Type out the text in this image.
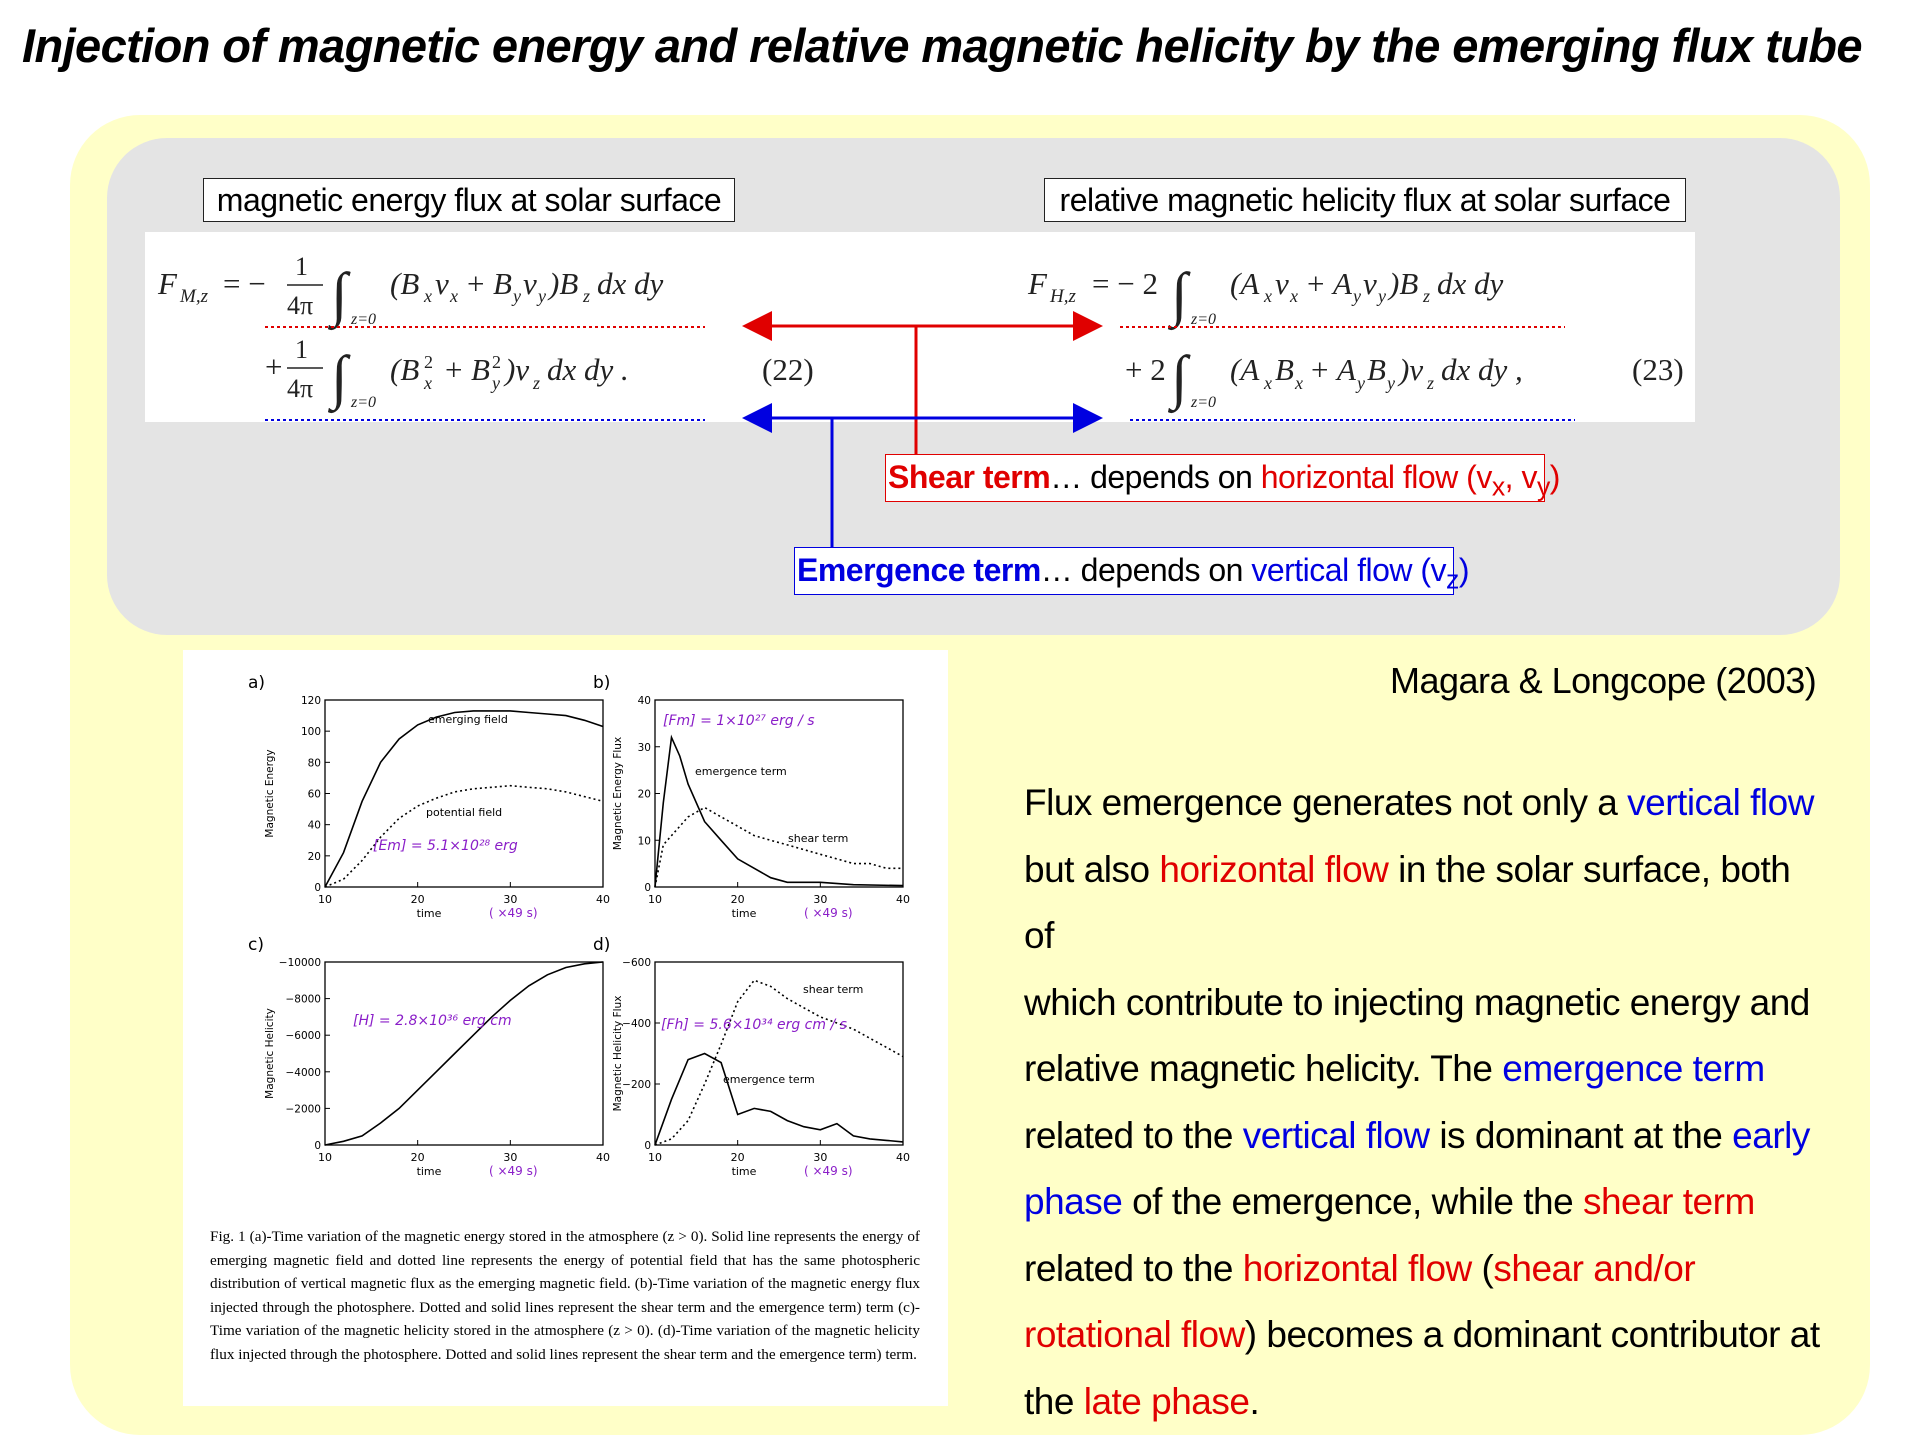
Injection of magnetic energy and relative magnetic helicity by the emerging flux tube
magnetic energy flux at solar surface	relative magnetic helicity flux at solar surface
F M,z = − 1
4π ∫ z=0
(B x v x + B y v y )B z dx dy
+ 1
4π ∫ z=0
(B x
2 + B y
2 )v z dx dy .	(22)
F H,z = − 2 ∫ z=0
(A x v x + A y v y )B z dx dy
+ 2 ∫ z=0
(A x B x + A y B y )v z dx dy ,	(23)
Shear term… depends on horizontal flow ($v_x$, $v_y$)
Emergence term… depends on vertical flow $(v_z)$
Magara & Longcope (2003)
a)
120
100
80
60
40
20
0
10	20	30	40
time	( ×49 s)
Magnetic Energy
emerging field
potential field
[Em] = 5.1×10²⁸ erg
b)
40
30
20
10
0
10	20	30	40
time	( ×49 s)
Magnetic Energy Flux	emergence term
shear term
[Fm] = 1×10²⁷ erg / s
c)
−10000
−8000
−6000
−4000
−2000
0
10	20	30	40
time	( ×49 s)
Magnetic Helicity	[H] = 2.8×10³⁶ erg cm
d)
−600
−400
−200
0
10	20	30	40
time	( ×49 s)
Magnetic Helicity Flux
shear term
emergence term
[Fh] = 5.6×10³⁴ erg cm / s
Fig. 1 (a)-Time variation of the magnetic energy stored in the atmosphere (z > 0). Solid line represents the energy of emerging magnetic field and dotted line represents the energy of potential field that has the same photospheric distribution of vertical magnetic flux as the emerging magnetic field. (b)-Time variation of the magnetic energy flux injected through the photosphere. Dotted and solid lines represent the shear term and the emergence term) term (c)-Time variation of the magnetic helicity stored in the atmosphere (z > 0). (d)-Time variation of the magnetic helicity flux injected through the photosphere. Dotted and solid lines represent the shear term and the emergence term) term.

Flux emergence generates not only a vertical flow

but also horizontal flow in the solar surface, both of

which contribute to injecting magnetic energy and

relative magnetic helicity. The emergence term

related to the vertical flow is dominant at the early

phase of the emergence, while the shear term

related to the horizontal flow (shear and/or

rotational flow) becomes a dominant contributor at

the late phase.
